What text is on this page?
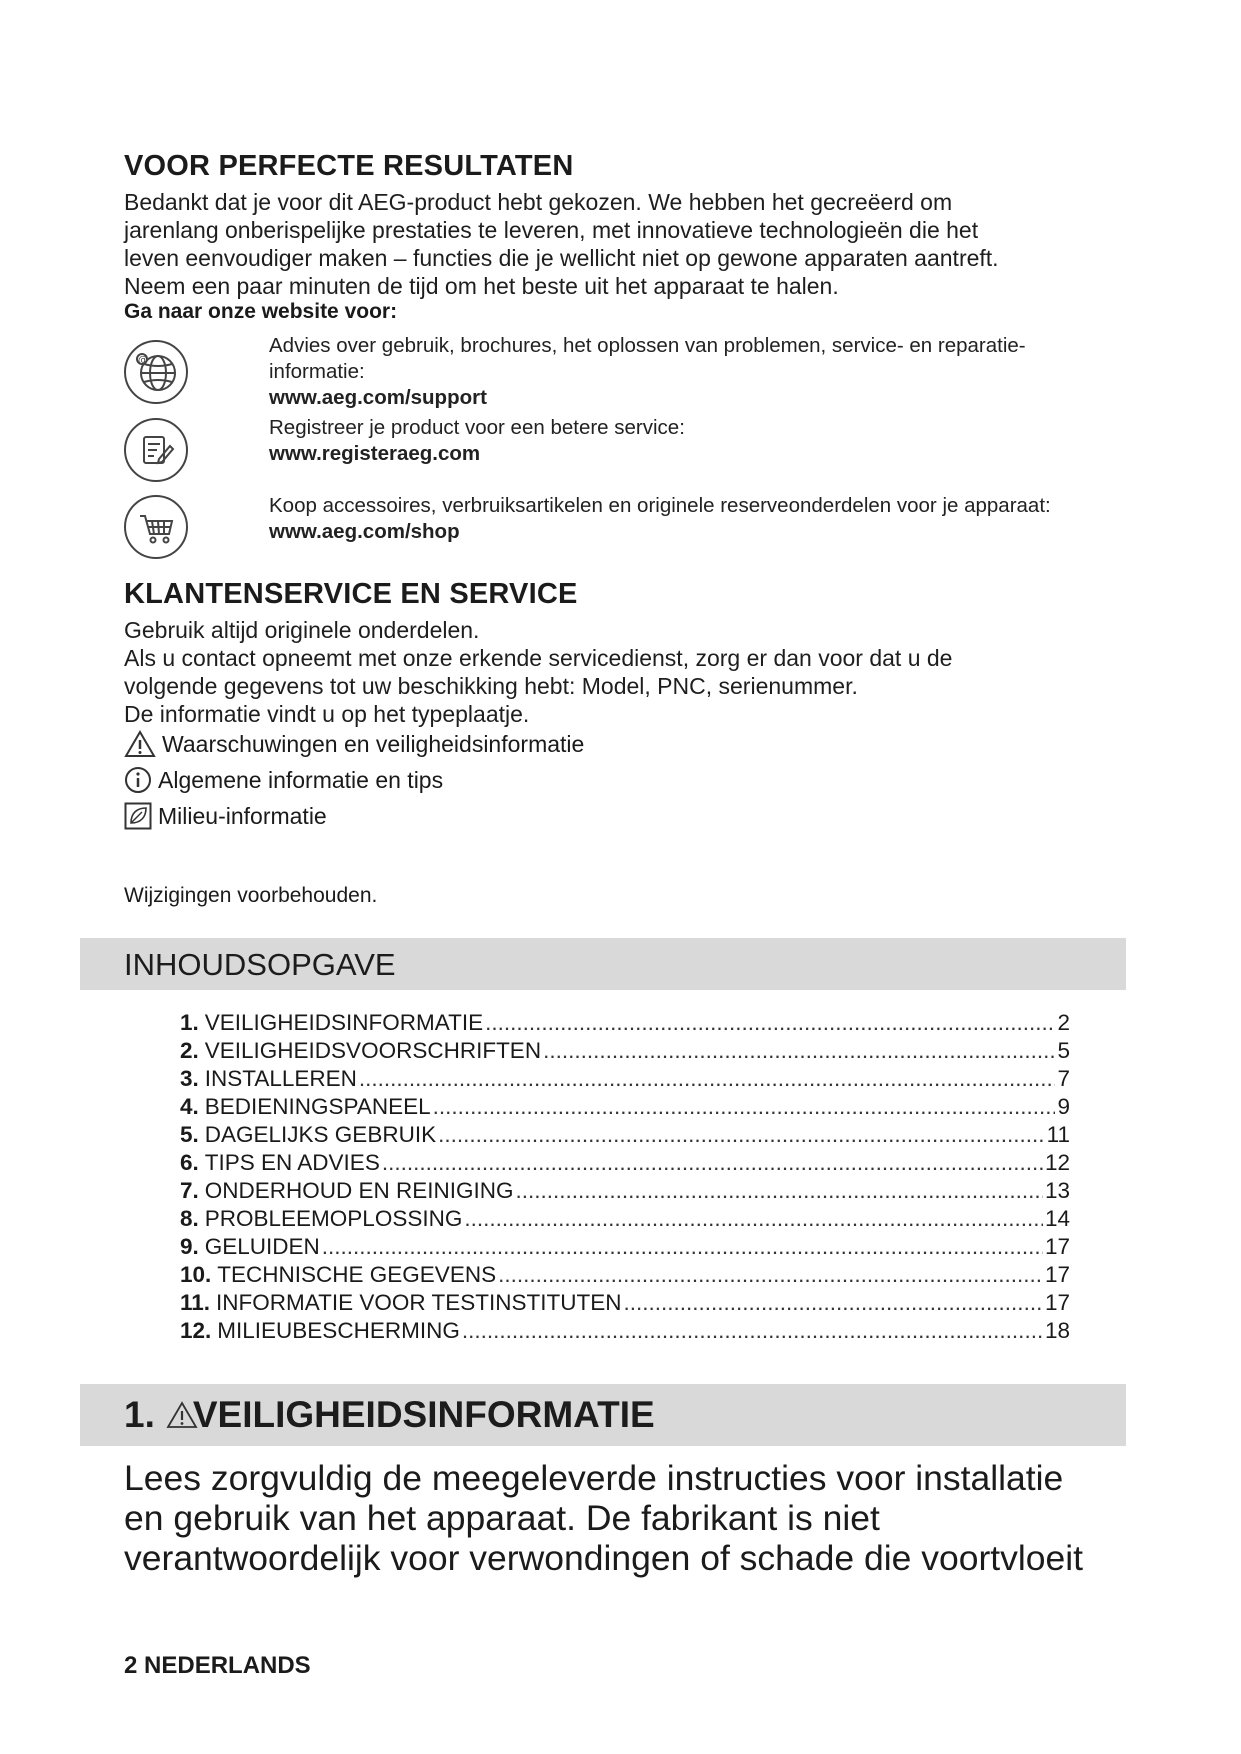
VOOR PERFECTE RESULTATEN
Bedankt dat je voor dit AEG-product hebt gekozen. We hebben het gecreëerd om
jarenlang onberispelijke prestaties te leveren, met innovatieve technologieën die het
leven eenvoudiger maken – functies die je wellicht niet op gewone apparaten aantreft.
Neem een paar minuten de tijd om het beste uit het apparaat te halen.
Ga naar onze website voor:
@
Advies over gebruik, brochures, het oplossen van problemen, service- en reparatie-
informatie:
www.aeg.com/support
Registreer je product voor een betere service:
www.registeraeg.com
Koop accessoires, verbruiksartikelen en originele reserveonderdelen voor je apparaat:
www.aeg.com/shop
KLANTENSERVICE EN SERVICE
Gebruik altijd originele onderdelen.
Als u contact opneemt met onze erkende servicedienst, zorg er dan voor dat u de
volgende gegevens tot uw beschikking hebt: Model, PNC, serienummer.
De informatie vindt u op het typeplaatje.
Waarschuwingen en veiligheidsinformatie
Algemene informatie en tips
Milieu-informatie
Wijzigingen voorbehouden.
INHOUDSOPGAVE
1. VEILIGHEIDSINFORMATIE .....	2
2. VEILIGHEIDSVOORSCHRIFTEN .....	5
3. INSTALLEREN .....	7
4. BEDIENINGSPANEEL .....	9
5. DAGELIJKS GEBRUIK .....	11
6. TIPS EN ADVIES .....	12
7. ONDERHOUD EN REINIGING .....	13
8. PROBLEEMOPLOSSING .....	14
9. GELUIDEN .....	17
10. TECHNISCHE GEGEVENS .....	17
11. INFORMATIE VOOR TESTINSTITUTEN .....	17
12. MILIEUBESCHERMING .....	18
1. VEILIGHEIDSINFORMATIE
Lees zorgvuldig de meegeleverde instructies voor installatie
en gebruik van het apparaat. De fabrikant is niet
verantwoordelijk voor verwondingen of schade die voortvloeit
2 NEDERLANDS
